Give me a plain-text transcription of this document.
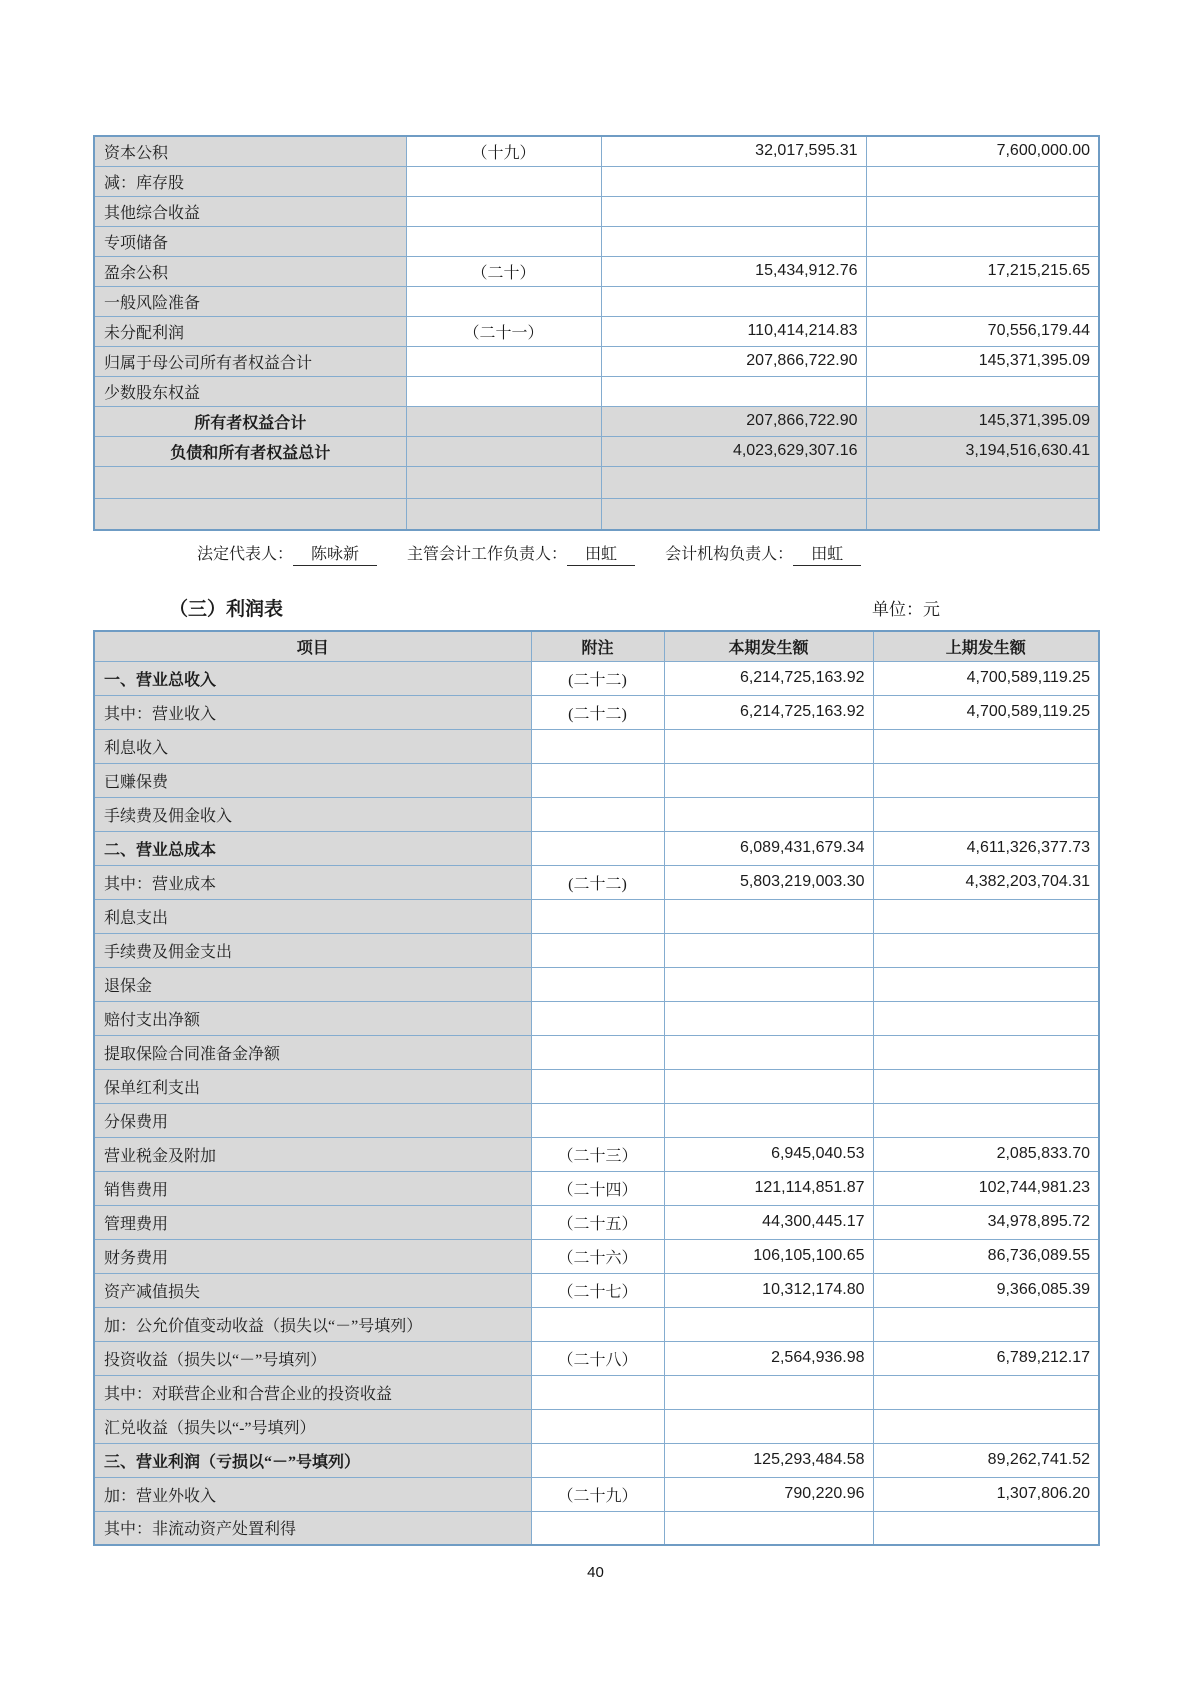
资本公积	（十九）	32,017,595.31	7,600,000.00
减：库存股			
其他综合收益			
专项储备			
盈余公积	（二十）	15,434,912.76	17,215,215.65
一般风险准备			
未分配利润	（二十一）	110,414,214.83	70,556,179.44
归属于母公司所有者权益合计		207,866,722.90	145,371,395.09
少数股东权益			
所有者权益合计		207,866,722.90	145,371,395.09
负债和所有者权益总计		4,023,629,307.16	3,194,516,630.41

法定代表人： 陈咏新	主管会计工作负责人： 田虹	会计机构负责人： 田虹
（三）利润表	单位：元
项目	附注	本期发生额	上期发生额
一、营业总收入	(二十二)	6,214,725,163.92	4,700,589,119.25
其中：营业收入	(二十二)	6,214,725,163.92	4,700,589,119.25
利息收入			
已赚保费			
手续费及佣金收入			
二、营业总成本		6,089,431,679.34	4,611,326,377.73
其中：营业成本	(二十二)	5,803,219,003.30	4,382,203,704.31
利息支出			
手续费及佣金支出			
退保金			
赔付支出净额			
提取保险合同准备金净额			
保单红利支出			
分保费用			
营业税金及附加	（二十三）	6,945,040.53	2,085,833.70
销售费用	（二十四）	121,114,851.87	102,744,981.23
管理费用	（二十五）	44,300,445.17	34,978,895.72
财务费用	（二十六）	106,105,100.65	86,736,089.55
资产减值损失	（二十七）	10,312,174.80	9,366,085.39
加：公允价值变动收益（损失以“－”号填列）			
投资收益（损失以“－”号填列）	（二十八）	2,564,936.98	6,789,212.17
其中：对联营企业和合营企业的投资收益			
汇兑收益（损失以“-”号填列）			
三、营业利润（亏损以“－”号填列）		125,293,484.58	89,262,741.52
加：营业外收入	（二十九）	790,220.96	1,307,806.20
其中：非流动资产处置利得			
40
